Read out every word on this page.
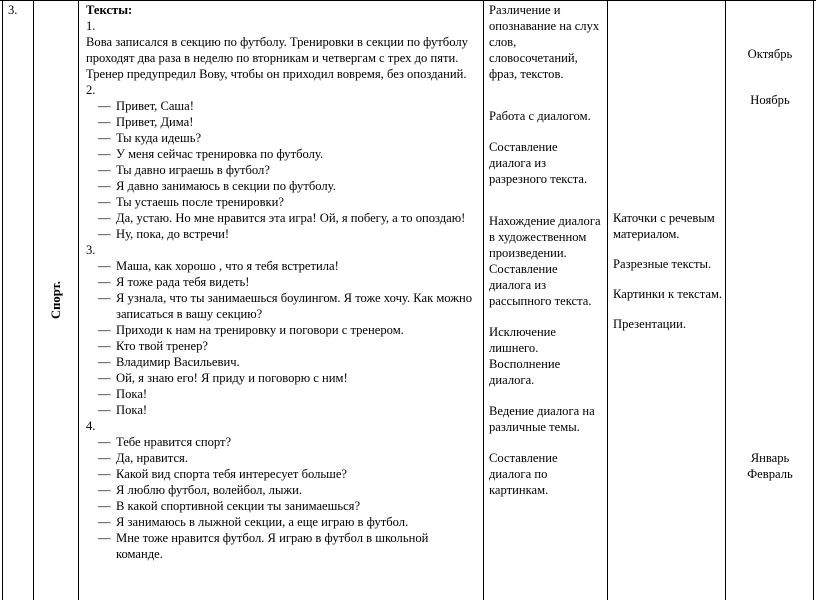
3.
Спорт.
Тексты:
1.

Вова записался в секцию по футболу. Тренировки в секции по футболу проходят два раза в неделю по вторникам и четвергам с трех до пяти. Тренер предупредил Вову, чтобы он приходил вовремя, без опозданий.

2.
— Привет, Саша!
— Привет, Дима!
— Ты куда идешь?
— У меня сейчас тренировка по футболу.
— Ты давно играешь в футбол?
— Я давно занимаюсь в секции по футболу.
— Ты устаешь после тренировки?
— Да, устаю. Но мне нравится эта игра! Ой, я побегу, а то опоздаю!
— Ну, пока, до встречи!
3.
— Маша, как хорошо , что я тебя встретила!
— Я тоже рада тебя видеть!
— Я узнала, что ты занимаешься боулингом. Я тоже хочу. Как можно записаться в вашу секцию?
— Приходи к нам на тренировку и поговори с тренером.
— Кто твой тренер?
— Владимир Васильевич.
— Ой, я знаю его! Я приду и поговорю с ним!
— Пока!
— Пока!
4.
— Тебе нравится спорт?
— Да, нравится.
— Какой вид спорта тебя интересует больше?
— Я люблю футбол, волейбол, лыжи.
— В какой спортивной секции ты занимаешься?
— Я занимаюсь в лыжной секции, а еще играю в футбол.
— Мне тоже нравится футбол. Я играю в футбол в школьной команде.

Различение и опознавание на слух слов, словосочетаний, фраз, текстов.

Работа с диалогом.

Составление диалога из разрезного текста.

Нахождение диалога в художественном произведении.

Составление диалога из рассыпного текста.

Исключение лишнего. Восполнение диалога.

Ведение диалога на различные темы.

Составление диалога по картинкам.

Каточки с речевым материалом.

Разрезные тексты.

Картинки к текстам.

Презентации.

Октябрь

Ноябрь

Январь

Февраль
